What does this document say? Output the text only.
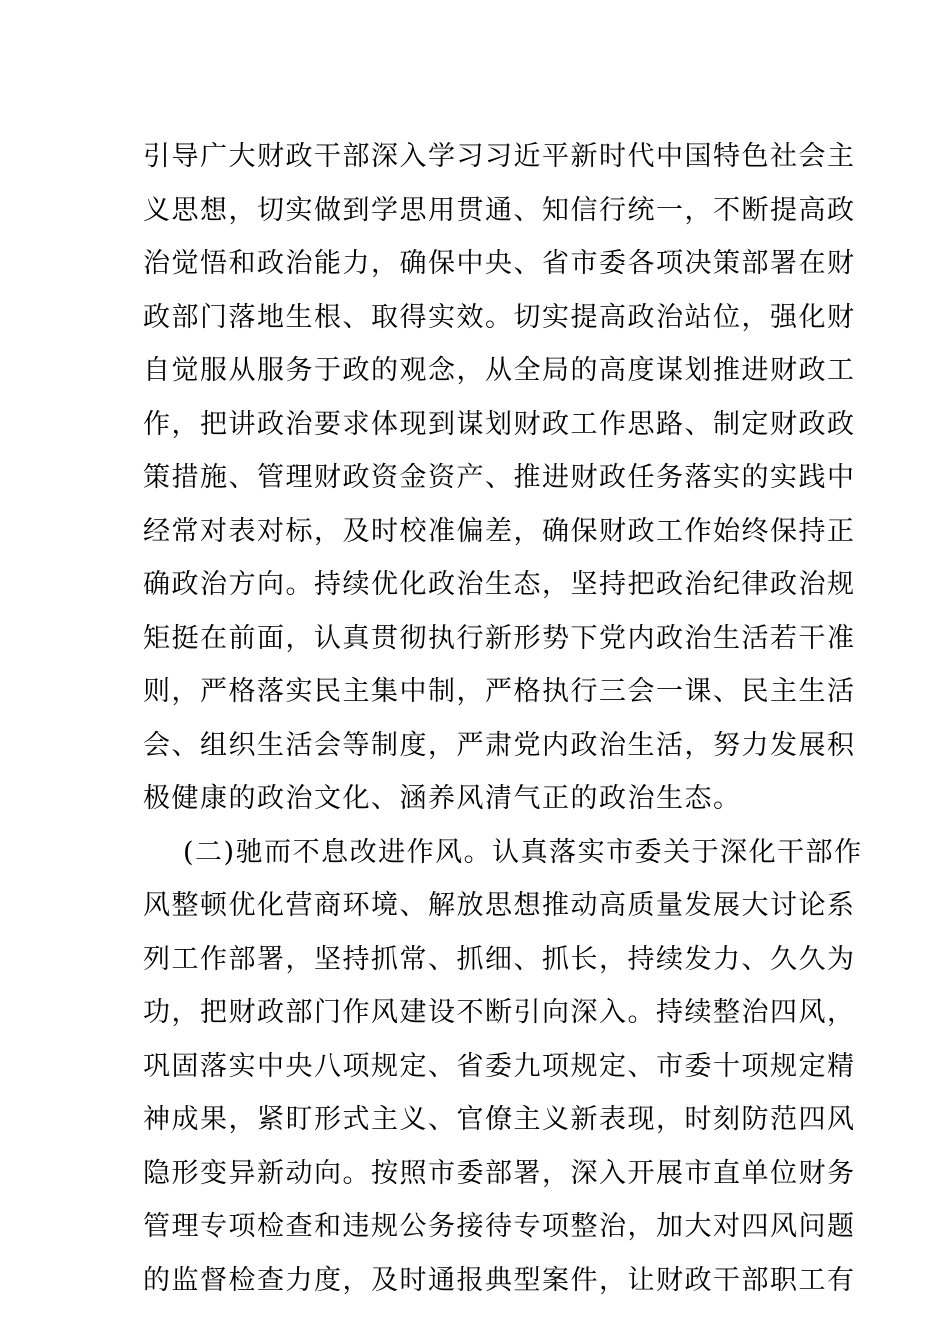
引导广大财政干部深入学习习近平新时代中国特色社会主
义思想，切实做到学思用贯通、知信行统一，不断提高政
治觉悟和政治能力，确保中央、省市委各项决策部署在财
政部门落地生根、取得实效。切实提高政治站位，强化财
自觉服从服务于政的观念，从全局的高度谋划推进财政工
作，把讲政治要求体现到谋划财政工作思路、制定财政政
策措施、管理财政资金资产、推进财政任务落实的实践中
经常对表对标，及时校准偏差，确保财政工作始终保持正
确政治方向。持续优化政治生态，坚持把政治纪律政治规
矩挺在前面，认真贯彻执行新形势下党内政治生活若干准
则，严格落实民主集中制，严格执行三会一课、民主生活
会、组织生活会等制度，严肃党内政治生活，努力发展积
极健康的政治文化、涵养风清气正的政治生态。
(二)驰而不息改进作风。认真落实市委关于深化干部作
风整顿优化营商环境、解放思想推动高质量发展大讨论系
列工作部署，坚持抓常、抓细、抓长，持续发力、久久为
功，把财政部门作风建设不断引向深入。持续整治四风，
巩固落实中央八项规定、省委九项规定、市委十项规定精
神成果，紧盯形式主义、官僚主义新表现，时刻防范四风
隐形变异新动向。按照市委部署，深入开展市直单位财务
管理专项检查和违规公务接待专项整治，加大对四风问题
的监督检查力度，及时通报典型案件，让财政干部职工有
